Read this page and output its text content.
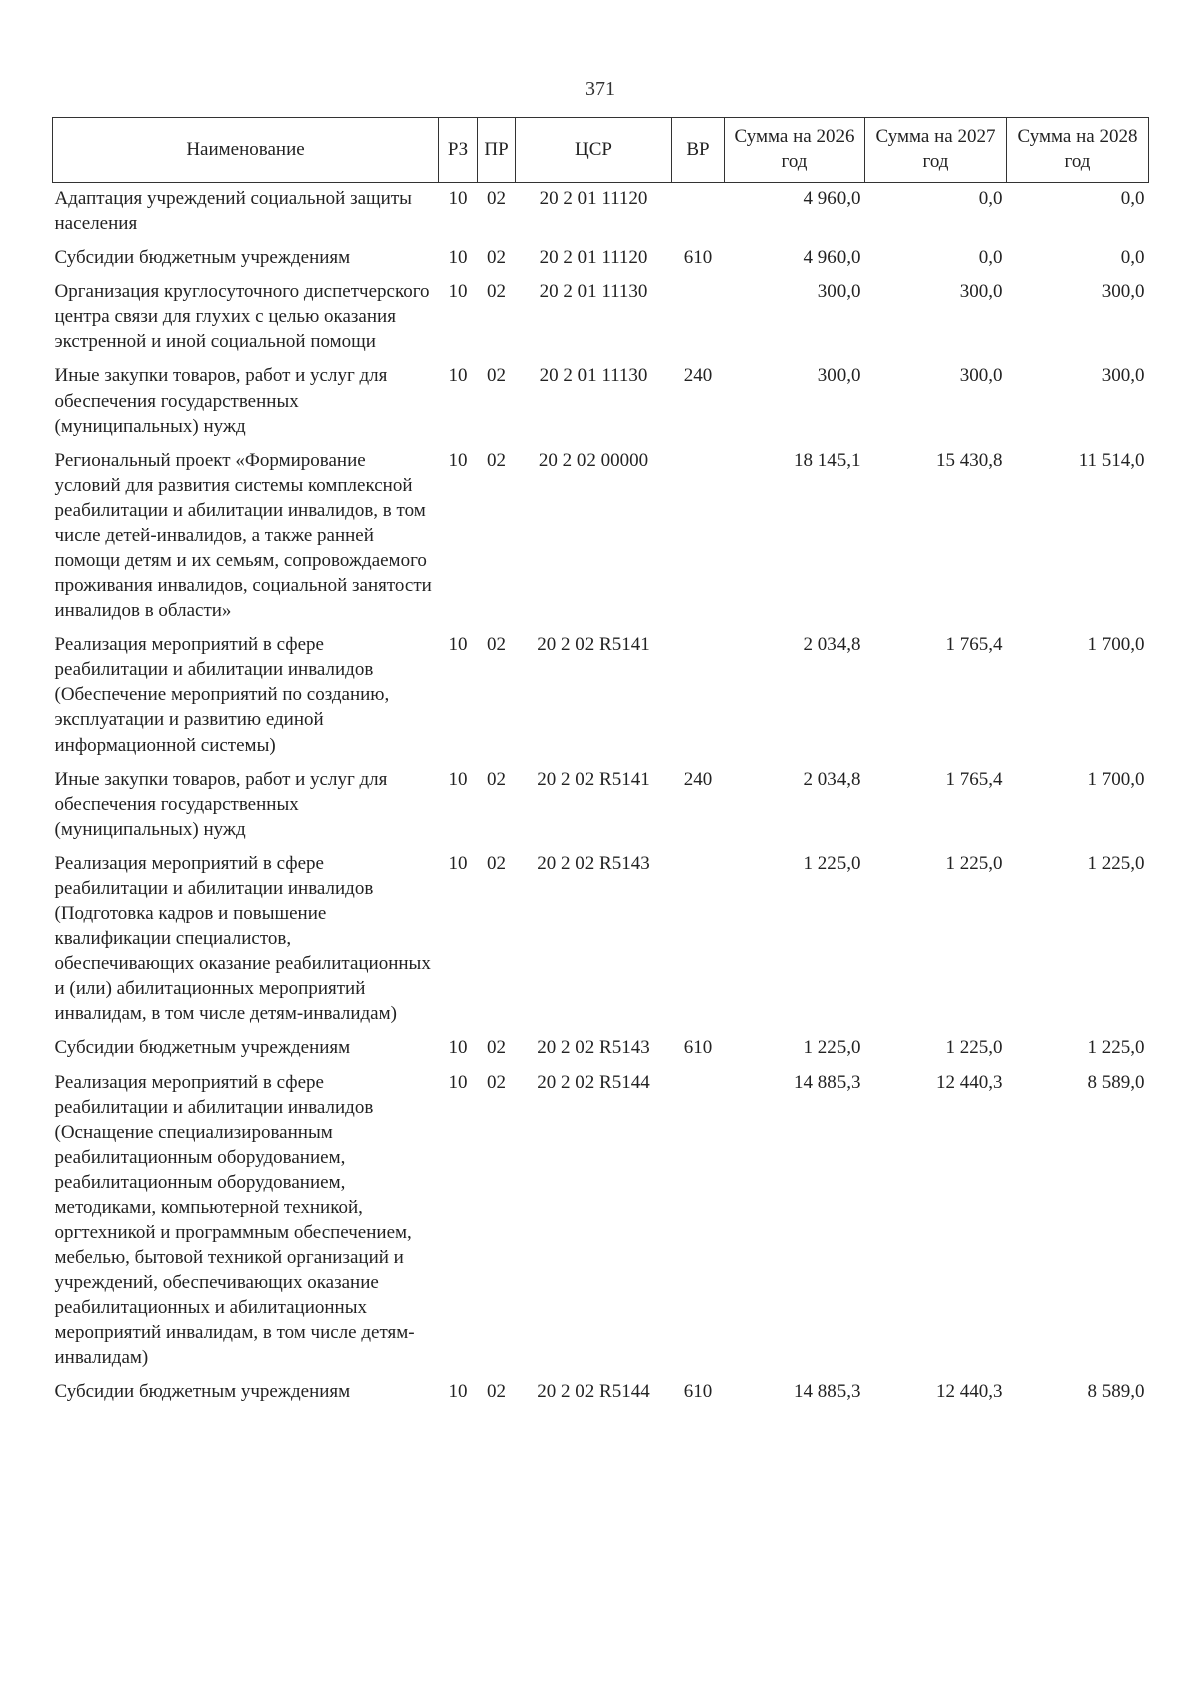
371
Наименование	РЗ	ПР	ЦСР	ВР	Сумма на 2026 год	Сумма на 2027 год	Сумма на 2028 год
Адаптация учреждений социальной защиты населения	10	02	20 2 01 11120		4 960,0	0,0	0,0
Субсидии бюджетным учреждениям	10	02	20 2 01 11120	610	4 960,0	0,0	0,0
Организация круглосуточного диспетчерского центра связи для глухих с целью оказания экстренной и иной социальной помощи	10	02	20 2 01 11130		300,0	300,0	300,0
Иные закупки товаров, работ и услуг для обеспечения государственных (муниципальных) нужд	10	02	20 2 01 11130	240	300,0	300,0	300,0
Региональный проект «Формирование условий для развития системы комплексной реабилитации и абилитации инвалидов, в том числе детей-инвалидов, а также ранней помощи детям и их семьям, сопровождаемого проживания инвалидов, социальной занятости инвалидов в области»	10	02	20 2 02 00000		18 145,1	15 430,8	11 514,0
Реализация мероприятий в сфере реабилитации и абилитации инвалидов (Обеспечение мероприятий по созданию, эксплуатации и развитию единой информационной системы)	10	02	20 2 02 R5141		2 034,8	1 765,4	1 700,0
Иные закупки товаров, работ и услуг для обеспечения государственных (муниципальных) нужд	10	02	20 2 02 R5141	240	2 034,8	1 765,4	1 700,0
Реализация мероприятий в сфере реабилитации и абилитации инвалидов (Подготовка кадров и повышение квалификации специалистов, обеспечивающих оказание реабилитационных и (или) абилитационных мероприятий инвалидам, в том числе детям-инвалидам)	10	02	20 2 02 R5143		1 225,0	1 225,0	1 225,0
Субсидии бюджетным учреждениям	10	02	20 2 02 R5143	610	1 225,0	1 225,0	1 225,0
Реализация мероприятий в сфере реабилитации и абилитации инвалидов (Оснащение специализированным реабилитационным оборудованием, реабилитационным оборудованием, методиками, компьютерной техникой, оргтехникой и программным обеспечением, мебелью, бытовой техникой организаций и учреждений, обеспечивающих оказание реабилитационных и абилитационных мероприятий инвалидам, в том числе детям-инвалидам)	10	02	20 2 02 R5144		14 885,3	12 440,3	8 589,0
Субсидии бюджетным учреждениям	10	02	20 2 02 R5144	610	14 885,3	12 440,3	8 589,0
